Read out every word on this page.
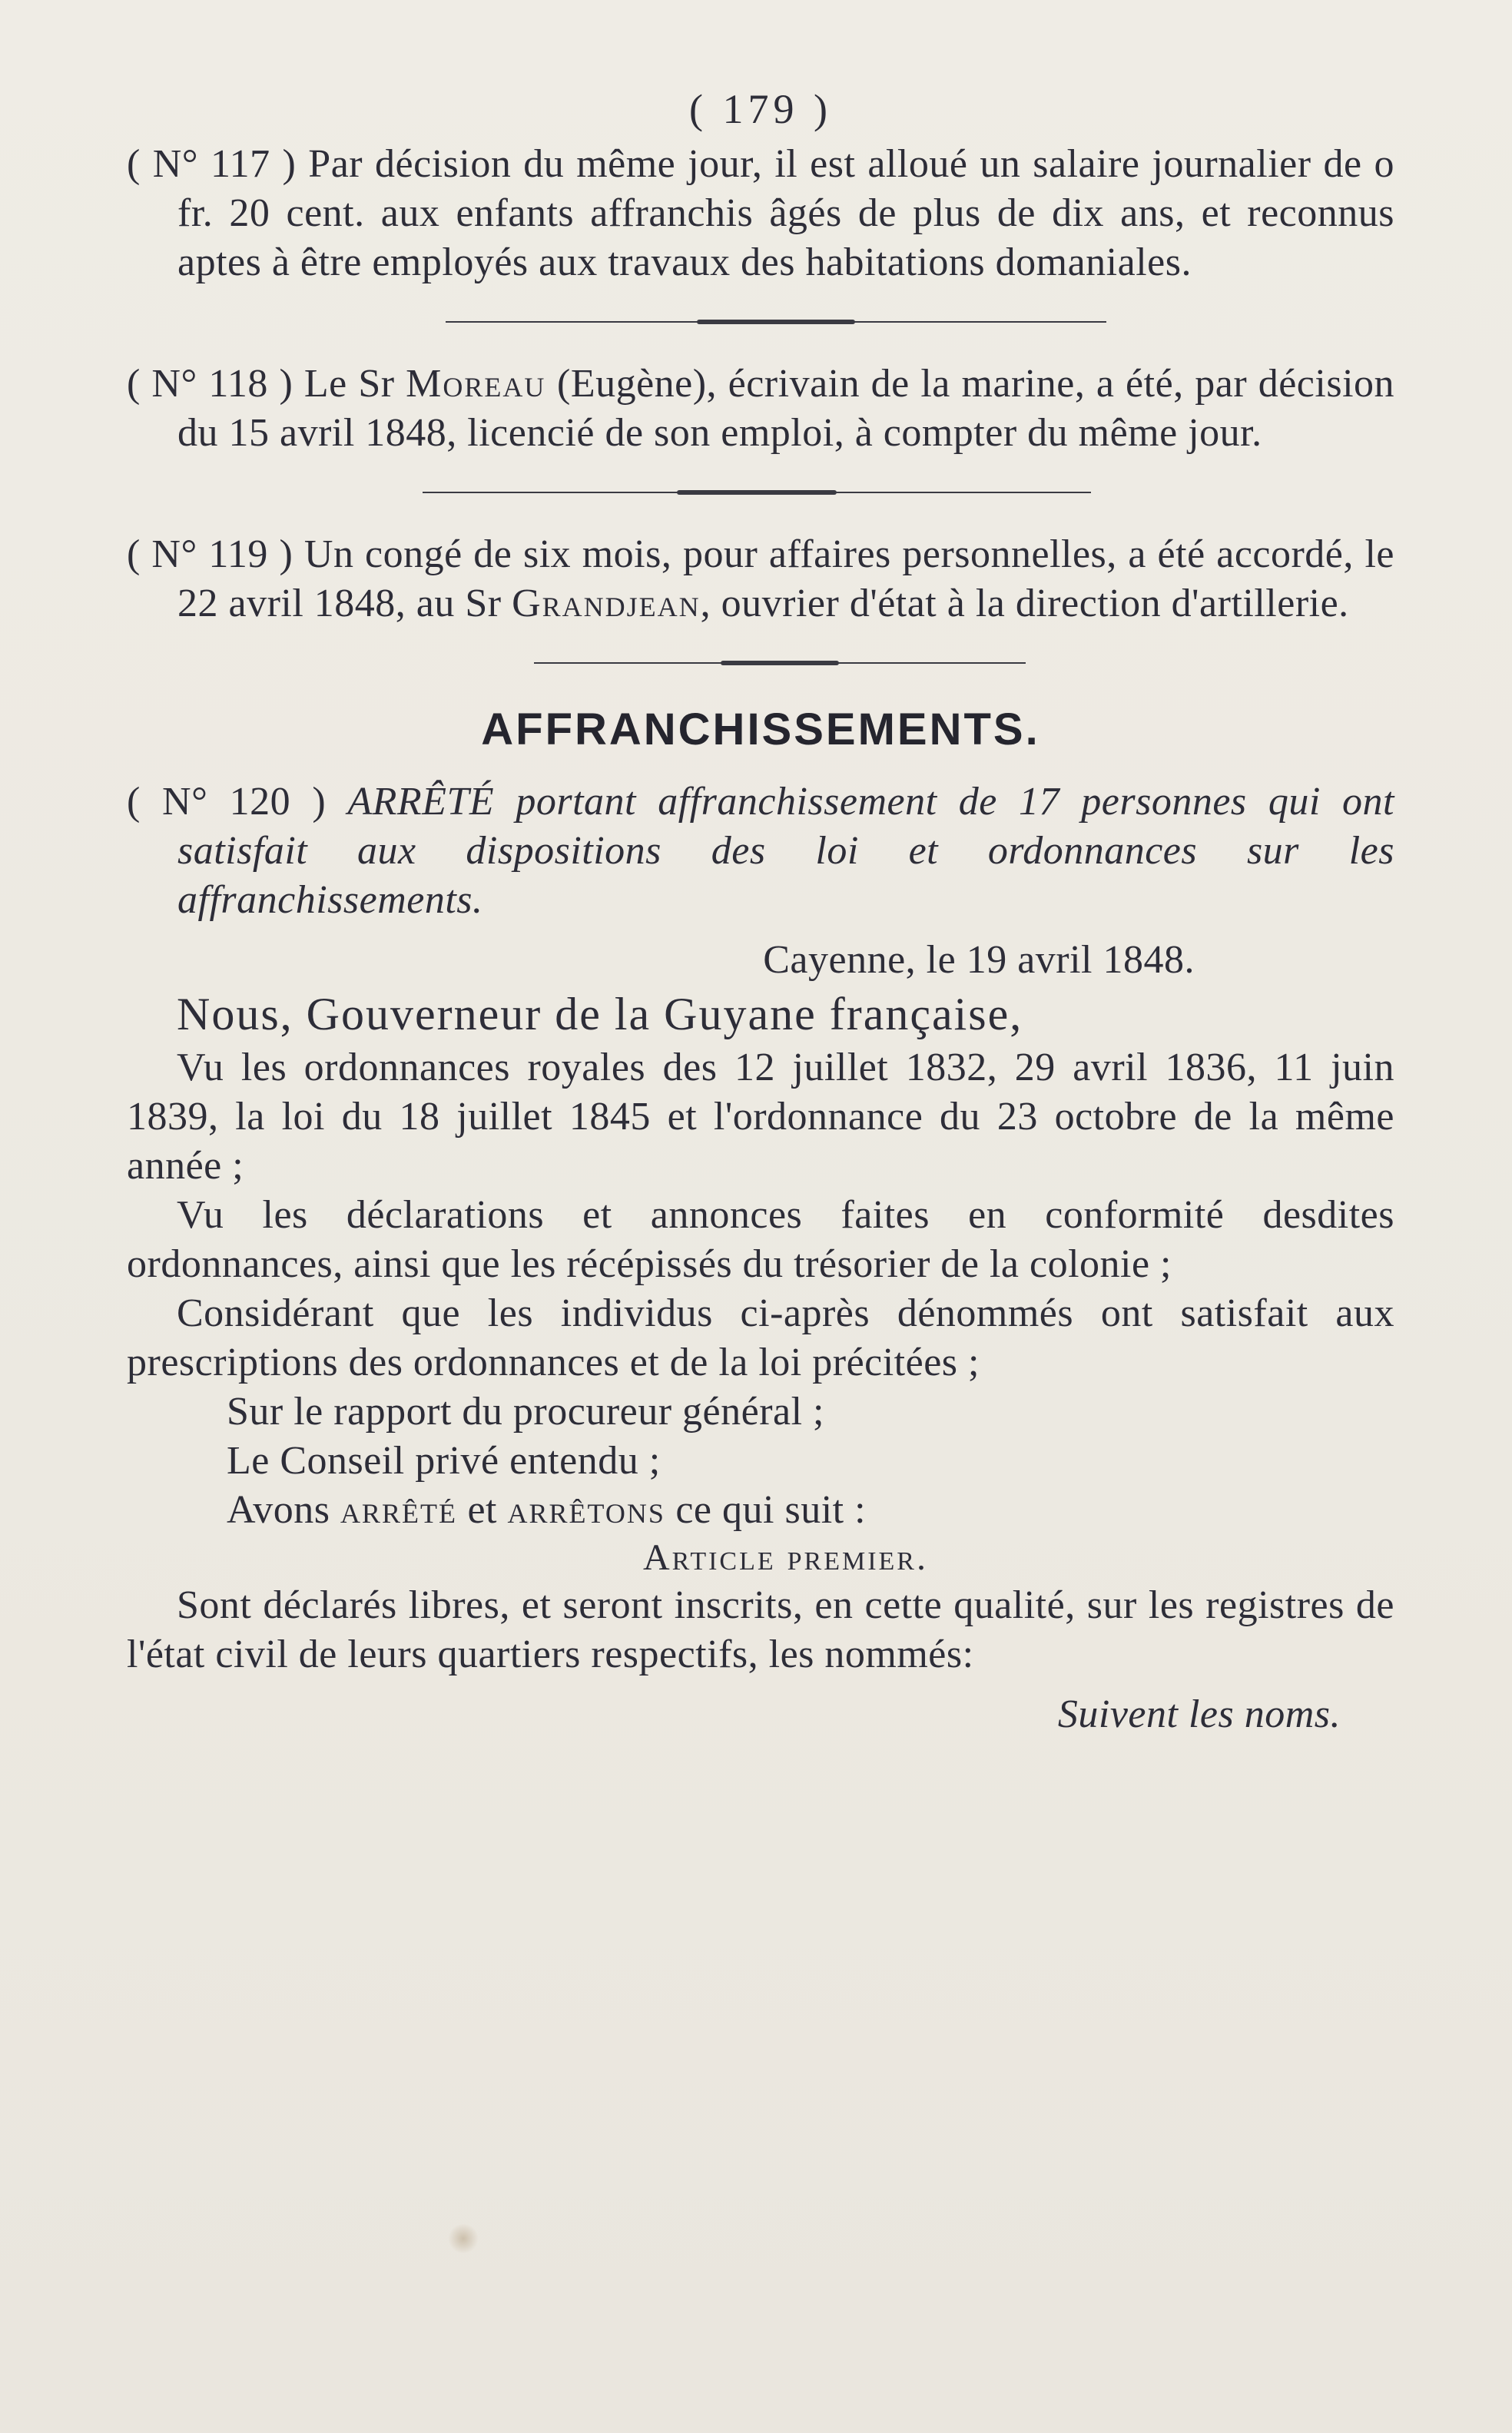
( 179 )

( N° 117 ) Par décision du même jour, il est alloué un salaire journalier de o fr. 20 cent. aux enfants affranchis âgés de plus de dix ans, et reconnus aptes à être employés aux travaux des habitations domaniales.

( N° 118 ) Le Sr Moreau (Eugène), écrivain de la marine, a été, par décision du 15 avril 1848, licencié de son emploi, à compter du même jour.

( N° 119 ) Un congé de six mois, pour affaires personnelles, a été accordé, le 22 avril 1848, au Sr Grandjean, ouvrier d'état à la direction d'artillerie.

AFFRANCHISSEMENTS.

( N° 120 ) ARRÊTÉ portant affranchissement de 17 personnes qui ont satisfait aux dispositions des loi et ordonnances sur les affranchissements.

Cayenne, le 19 avril 1848.

Nous, Gouverneur de la Guyane française,

Vu les ordonnances royales des 12 juillet 1832, 29 avril 1836, 11 juin 1839, la loi du 18 juillet 1845 et l'ordonnance du 23 octobre de la même année ;

Vu les déclarations et annonces faites en conformité desdites ordonnances, ainsi que les récépissés du trésorier de la colonie ;

Considérant que les individus ci-après dénommés ont satisfait aux prescriptions des ordonnances et de la loi précitées ;

Sur le rapport du procureur général ;

Le Conseil privé entendu ;

Avons arrêté et arrêtons ce qui suit :

Article premier.

Sont déclarés libres, et seront inscrits, en cette qualité, sur les registres de l'état civil de leurs quartiers respectifs, les nommés:

Suivent les noms.
